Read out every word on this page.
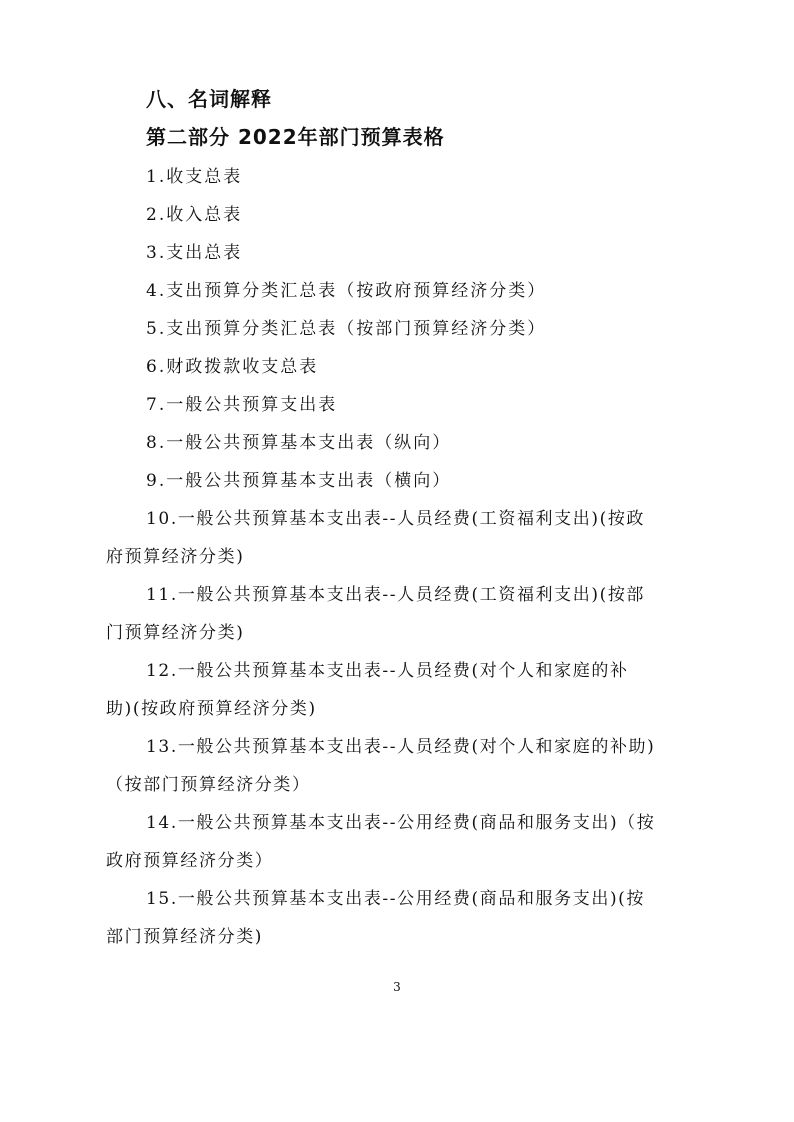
八、名词解释
第二部分 2022年部门预算表格
1.收支总表
2.收入总表
3.支出总表
4.支出预算分类汇总表（按政府预算经济分类）
5.支出预算分类汇总表（按部门预算经济分类）
6.财政拨款收支总表
7.一般公共预算支出表
8.一般公共预算基本支出表（纵向）
9.一般公共预算基本支出表（横向）
10.一般公共预算基本支出表--人员经费(工资福利支出)(按政
府预算经济分类)
11.一般公共预算基本支出表--人员经费(工资福利支出)(按部
门预算经济分类)
12.一般公共预算基本支出表--人员经费(对个人和家庭的补
助)(按政府预算经济分类)
13.一般公共预算基本支出表--人员经费(对个人和家庭的补助)
（按部门预算经济分类）
14.一般公共预算基本支出表--公用经费(商品和服务支出)（按
政府预算经济分类）
15.一般公共预算基本支出表--公用经费(商品和服务支出)(按
部门预算经济分类)
3
